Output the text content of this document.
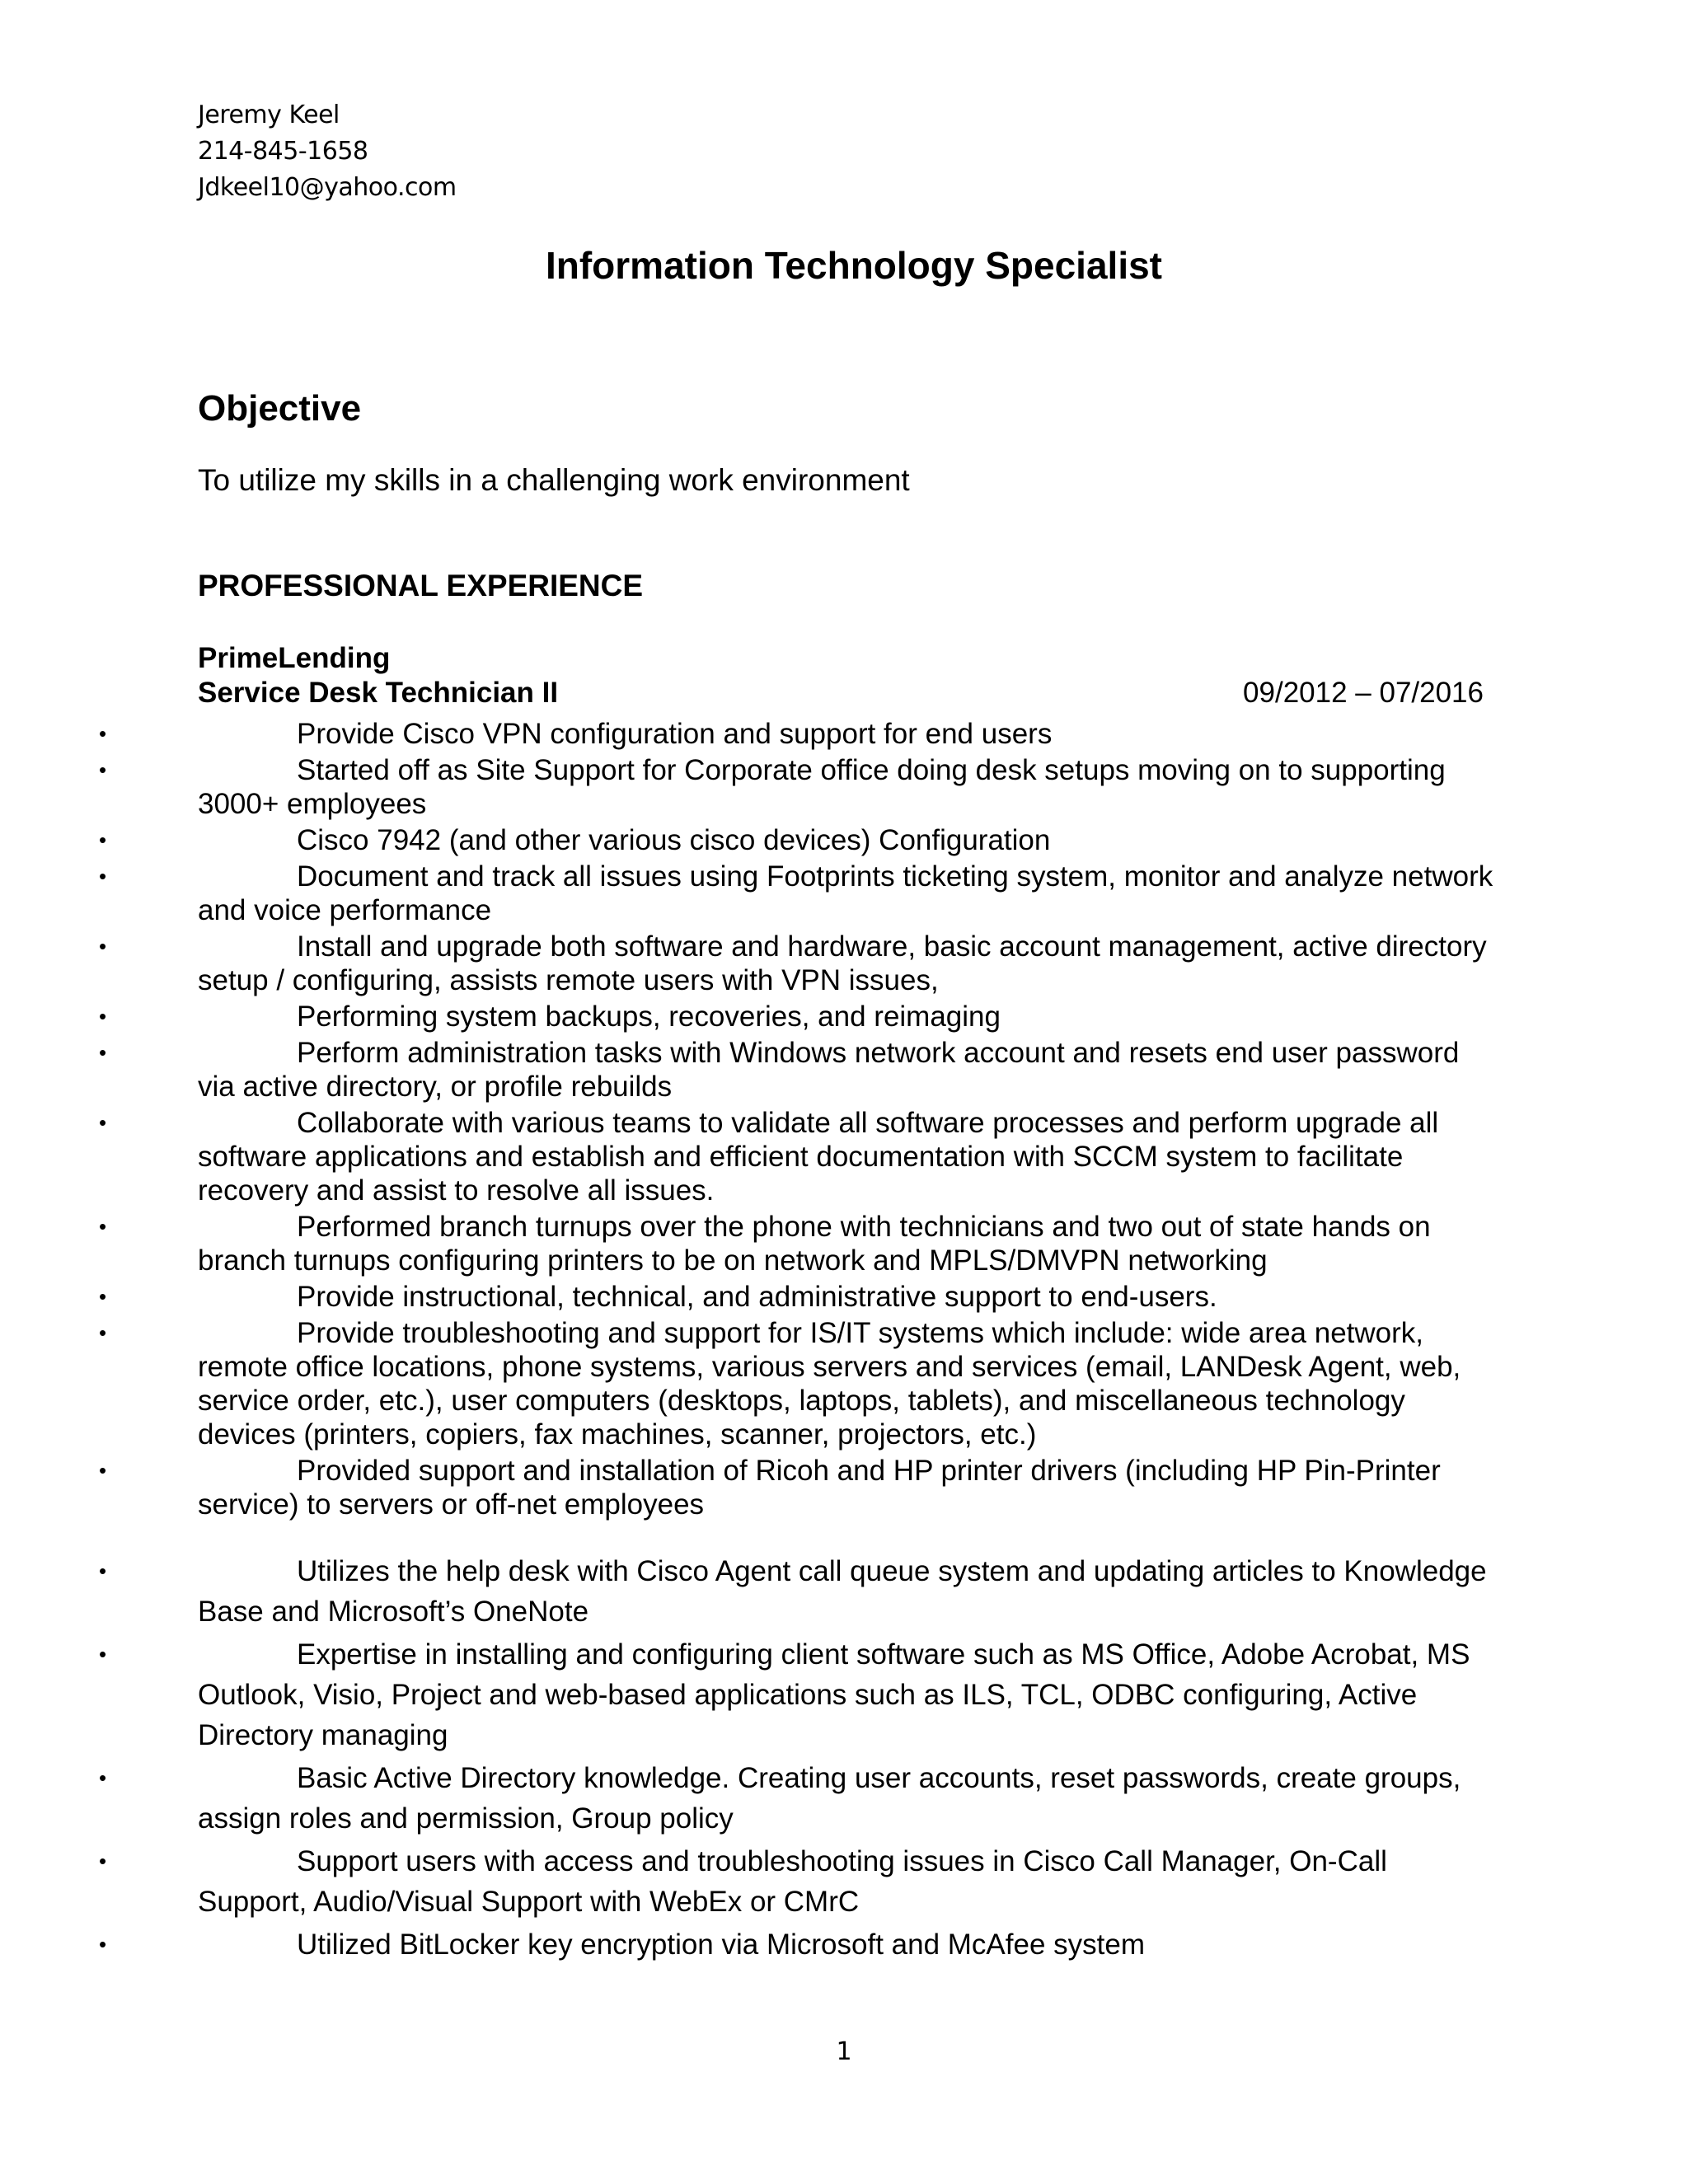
Jeremy Keel
214-845-1658
Jdkeel10@yahoo.com
Information Technology Specialist
Objective
To utilize my skills in a challenging work environment
PROFESSIONAL EXPERIENCE
PrimeLending
Service Desk Technician II	09/2012 – 07/2016
•	Provide Cisco VPN configuration and support for end users
•	Started off as Site Support for Corporate office doing desk setups moving on to supporting 3000+ employees
•	Cisco 7942 (and other various cisco devices) Configuration
•	Document and track all issues using Footprints ticketing system, monitor and analyze network and voice performance
•	Install and upgrade both software and hardware, basic account management, active directory setup / configuring, assists remote users with VPN issues,
•	Performing system backups, recoveries, and reimaging
•	Perform administration tasks with Windows network account and resets end user password via active directory, or profile rebuilds
•	Collaborate with various teams to validate all software processes and perform upgrade all software applications and establish and efficient documentation with SCCM system to facilitate recovery and assist to resolve all issues.
•	Performed branch turnups over the phone with technicians and two out of state hands on branch turnups configuring printers to be on network and MPLS/DMVPN networking
•	Provide instructional, technical, and administrative support to end-users.
•	Provide troubleshooting and support for IS/IT systems which include: wide area network, remote office locations, phone systems, various servers and services (email, LANDesk Agent, web, service order, etc.), user computers (desktops, laptops, tablets), and miscellaneous technology devices (printers, copiers, fax machines, scanner, projectors, etc.)
•	Provided support and installation of Ricoh and HP printer drivers (including HP Pin-Printer service) to servers or off-net employees
•	Utilizes the help desk with Cisco Agent call queue system and updating articles to Knowledge Base and Microsoft’s OneNote
•	Expertise in installing and configuring client software such as MS Office, Adobe Acrobat, MS Outlook, Visio, Project and web-based applications such as ILS, TCL, ODBC configuring, Active Directory managing
•	Basic Active Directory knowledge. Creating user accounts, reset passwords, create groups, assign roles and permission, Group policy
•	Support users with access and troubleshooting issues in Cisco Call Manager, On-Call Support, Audio/Visual Support with WebEx or CMrC
•	Utilized BitLocker key encryption via Microsoft and McAfee system
1
